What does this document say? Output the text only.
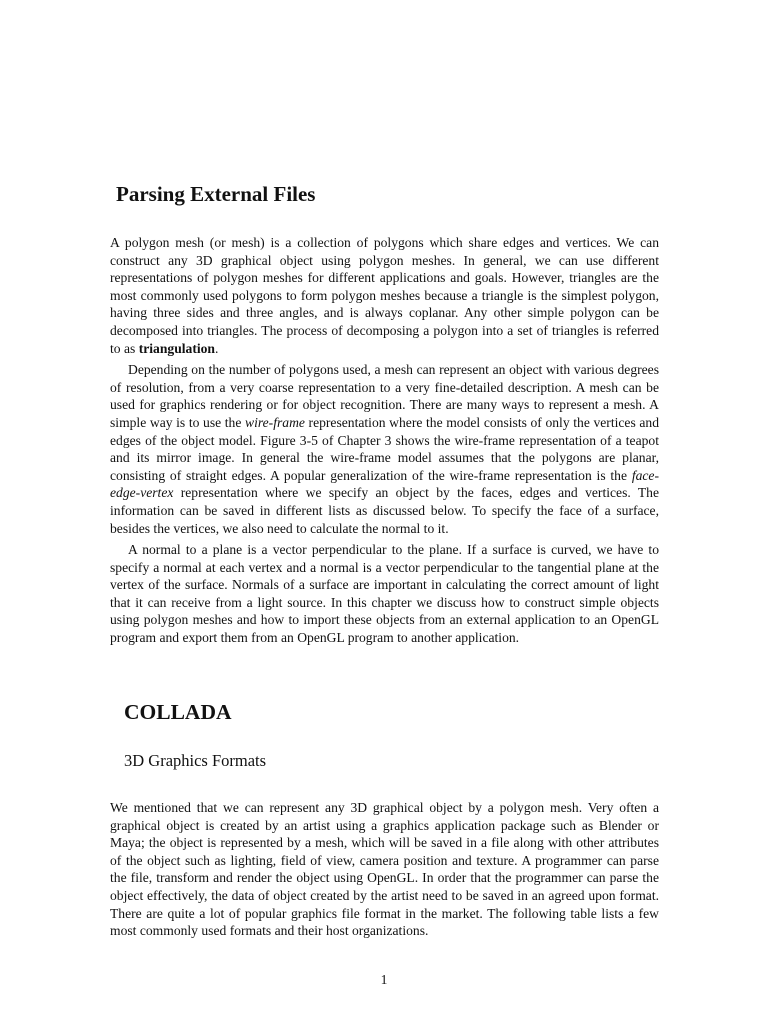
Parsing External Files

A polygon mesh (or mesh) is a collection of polygons which share edges and vertices. We can construct any 3D graphical object using polygon meshes. In general, we can use different representations of polygon meshes for different applications and goals. However, triangles are the most commonly used polygons to form polygon meshes because a triangle is the simplest polygon, having three sides and three angles, and is always coplanar. Any other simple polygon can be decomposed into triangles. The process of decomposing a polygon into a set of triangles is referred to as triangulation.

Depending on the number of polygons used, a mesh can represent an object with various degrees of resolution, from a very coarse representation to a very fine-detailed description. A mesh can be used for graphics rendering or for object recognition. There are many ways to represent a mesh. A simple way is to use the wire-frame representation where the model consists of only the vertices and edges of the object model. Figure 3-5 of Chapter 3 shows the wire-frame representation of a teapot and its mirror image. In general the wire-frame model assumes that the polygons are planar, consisting of straight edges. A popular generalization of the wire-frame representation is the face-edge-vertex representation where we specify an object by the faces, edges and vertices. The information can be saved in different lists as discussed below. To specify the face of a surface, besides the vertices, we also need to calculate the normal to it.

A normal to a plane is a vector perpendicular to the plane. If a surface is curved, we have to specify a normal at each vertex and a normal is a vector perpendicular to the tangential plane at the vertex of the surface. Normals of a surface are important in calculating the correct amount of light that it can receive from a light source. In this chapter we discuss how to construct simple objects using polygon meshes and how to import these objects from an external application to an OpenGL program and export them from an OpenGL program to another application.

COLLADA
3D Graphics Formats

We mentioned that we can represent any 3D graphical object by a polygon mesh. Very often a graphical object is created by an artist using a graphics application package such as Blender or Maya; the object is represented by a mesh, which will be saved in a file along with other attributes of the object such as lighting, field of view, camera position and texture. A programmer can parse the file, transform and render the object using OpenGL. In order that the programmer can parse the object effectively, the data of object created by the artist need to be saved in an agreed upon format. There are quite a lot of popular graphics file format in the market. The following table lists a few most commonly used formats and their host organizations.

1
